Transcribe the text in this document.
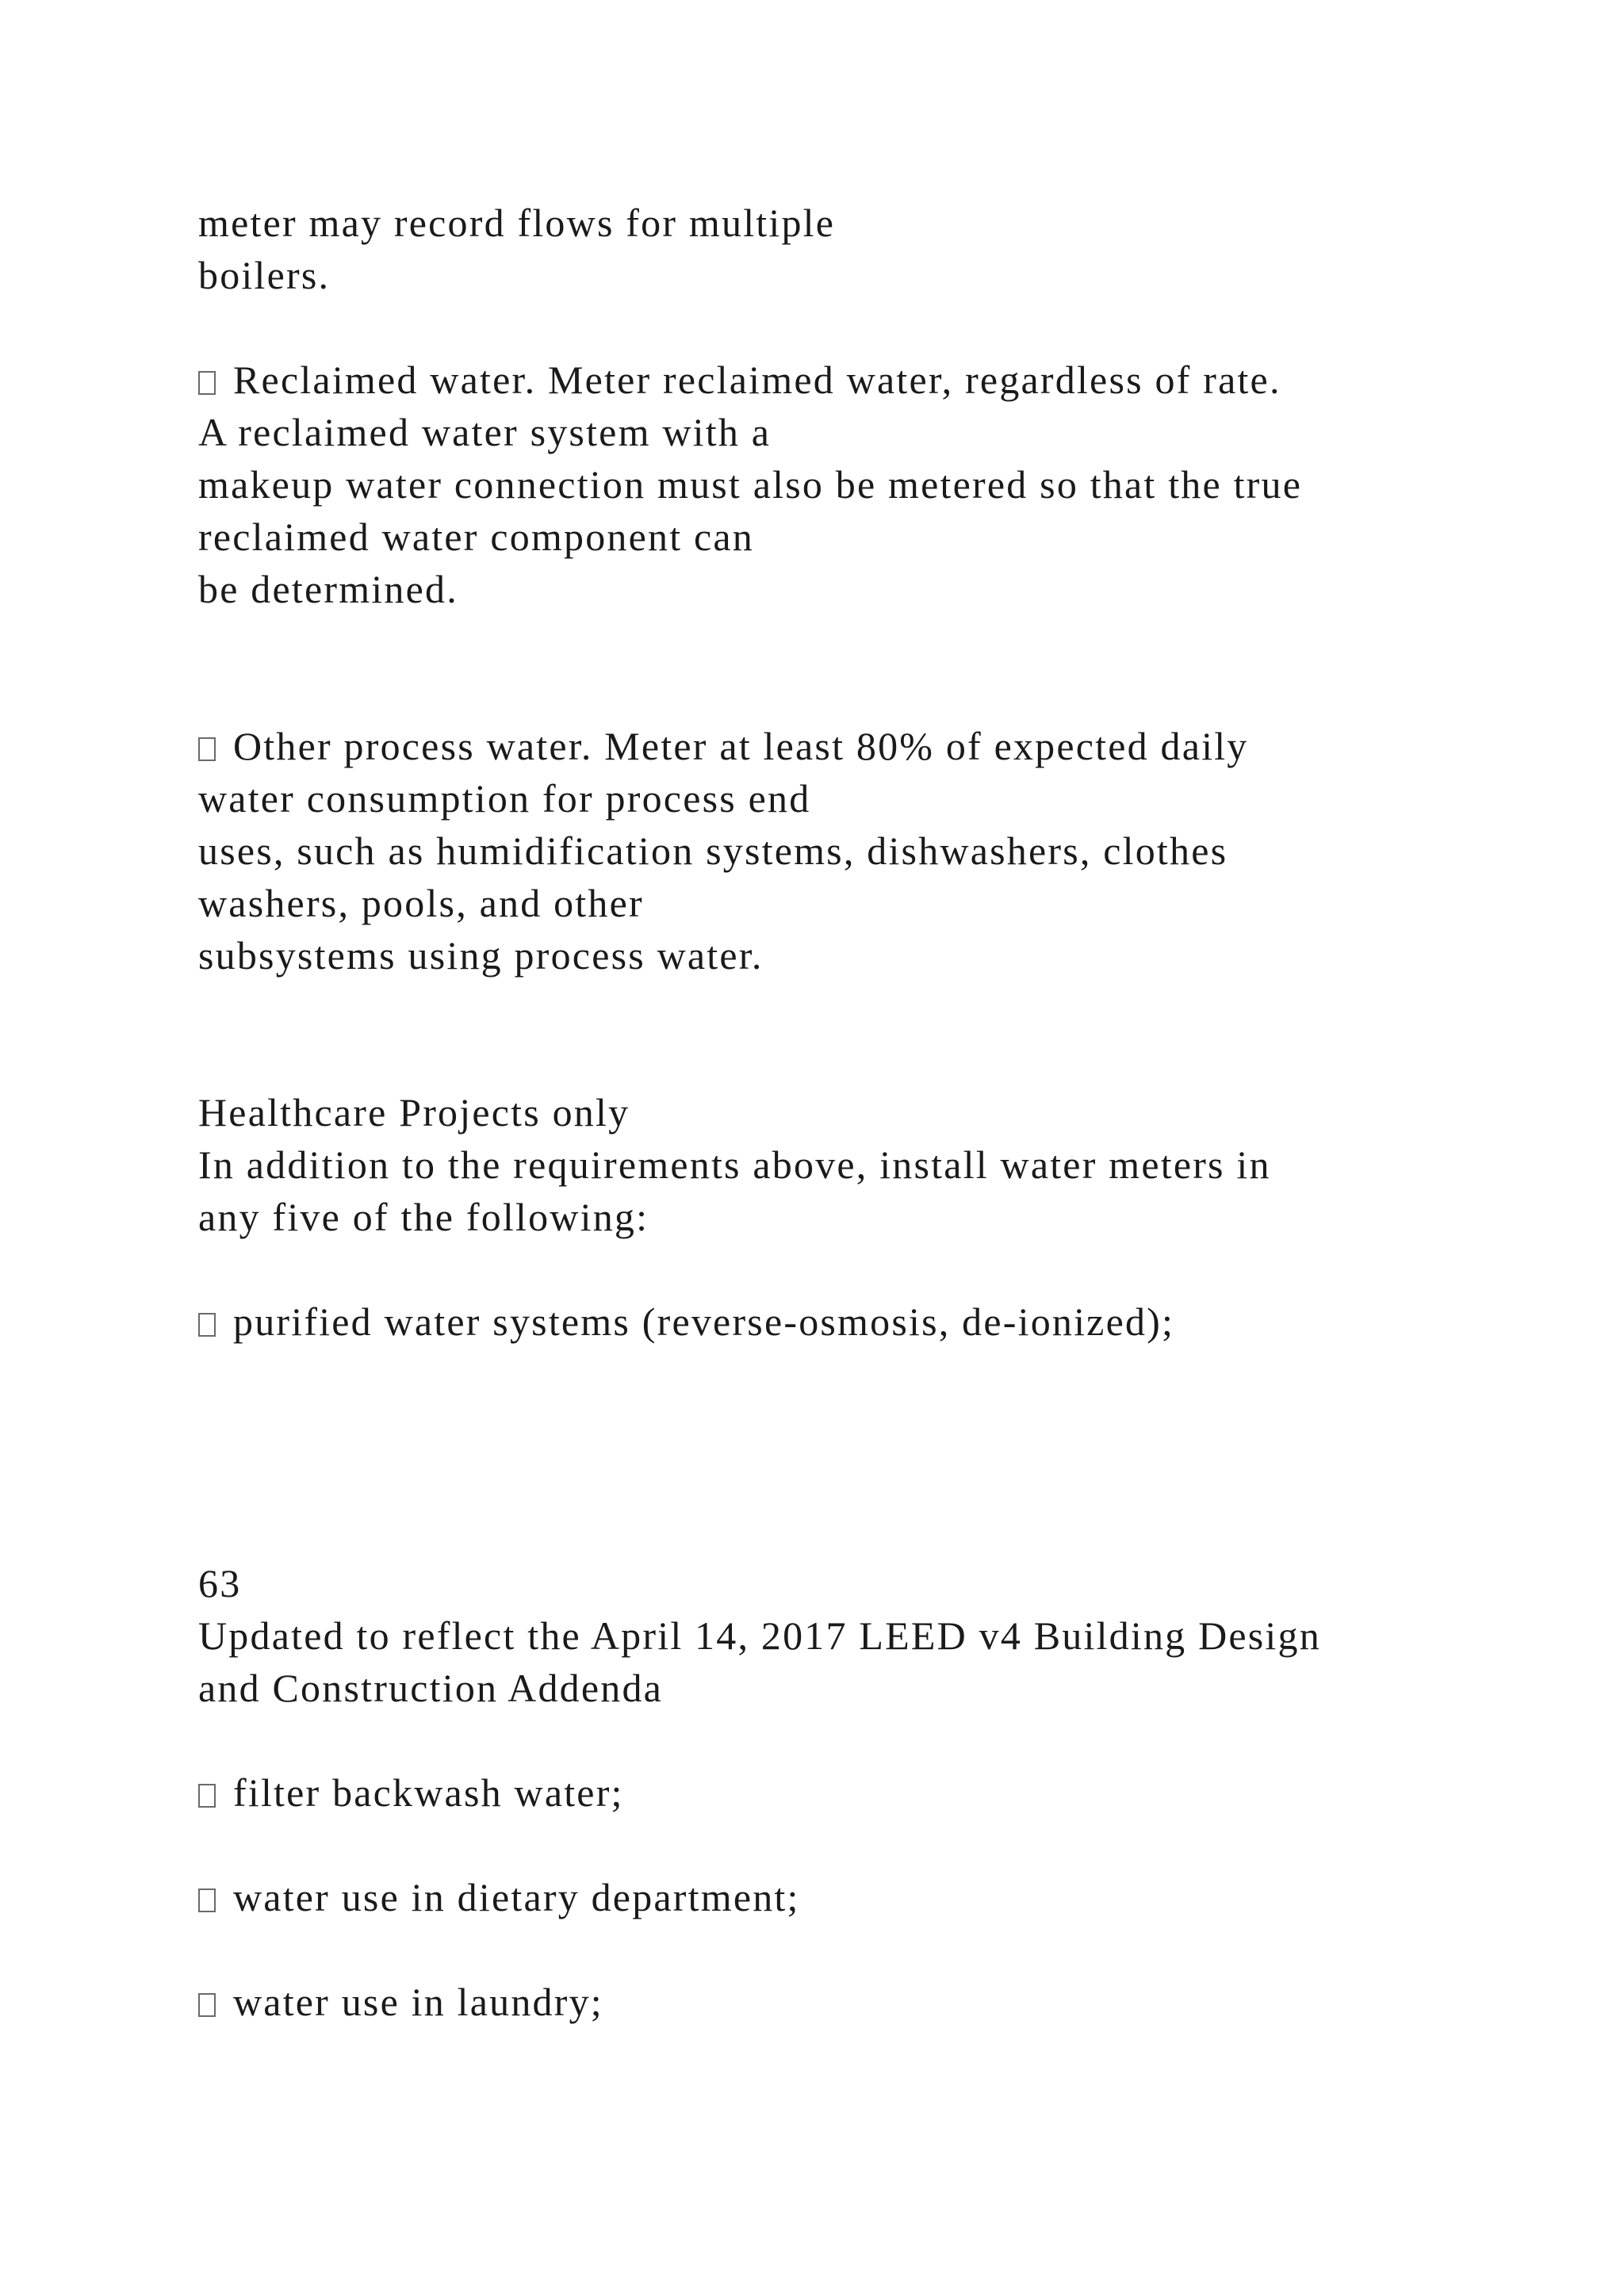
meter may record flows for multiple

boilers.

Reclaimed water. Meter reclaimed water, regardless of rate.

A reclaimed water system with a

makeup water connection must also be metered so that the true

reclaimed water component can

be determined.

Other process water. Meter at least 80% of expected daily

water consumption for process end

uses, such as humidification systems, dishwashers, clothes

washers, pools, and other

subsystems using process water.

Healthcare Projects only

In addition to the requirements above, install water meters in

any five of the following:

purified water systems (reverse-osmosis, de-ionized);

63

Updated to reflect the April 14, 2017 LEED v4 Building Design

and Construction Addenda

filter backwash water;

water use in dietary department;

water use in laundry;
